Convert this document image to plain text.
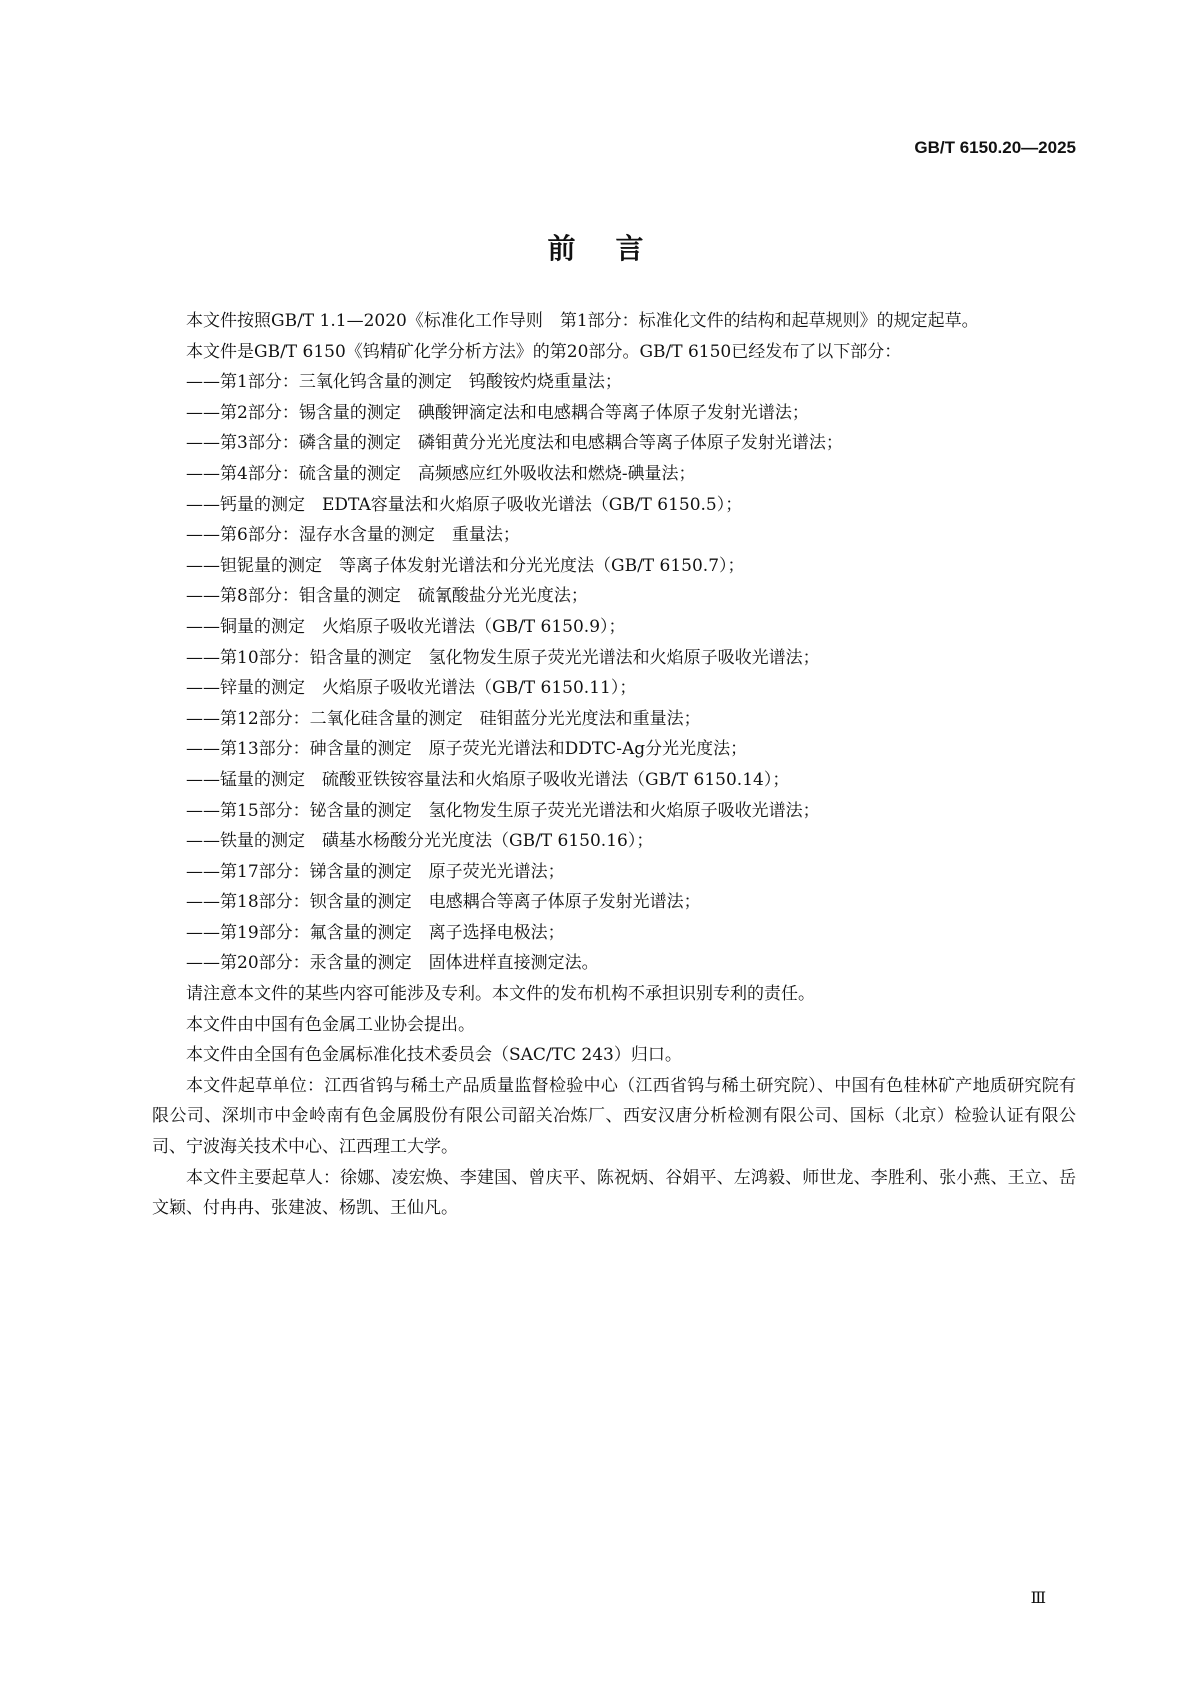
GB/T 6150.20—2025
前言

本文件按照GB/T 1.1—2020《标准化工作导则　第1部分：标准化文件的结构和起草规则》的规定起草。

本文件是GB/T 6150《钨精矿化学分析方法》的第20部分。GB/T 6150已经发布了以下部分：

——第1部分：三氧化钨含量的测定　钨酸铵灼烧重量法；
——第2部分：锡含量的测定　碘酸钾滴定法和电感耦合等离子体原子发射光谱法；
——第3部分：磷含量的测定　磷钼黄分光光度法和电感耦合等离子体原子发射光谱法；
——第4部分：硫含量的测定　高频感应红外吸收法和燃烧-碘量法；
——钙量的测定　EDTA容量法和火焰原子吸收光谱法（GB/T 6150.5）；
——第6部分：湿存水含量的测定　重量法；
——钽铌量的测定　等离子体发射光谱法和分光光度法（GB/T 6150.7）；
——第8部分：钼含量的测定　硫氰酸盐分光光度法；
——铜量的测定　火焰原子吸收光谱法（GB/T 6150.9）；
——第10部分：铅含量的测定　氢化物发生原子荧光光谱法和火焰原子吸收光谱法；
——锌量的测定　火焰原子吸收光谱法（GB/T 6150.11）；
——第12部分：二氧化硅含量的测定　硅钼蓝分光光度法和重量法；
——第13部分：砷含量的测定　原子荧光光谱法和DDTC-Ag分光光度法；
——锰量的测定　硫酸亚铁铵容量法和火焰原子吸收光谱法（GB/T 6150.14）；
——第15部分：铋含量的测定　氢化物发生原子荧光光谱法和火焰原子吸收光谱法；
——铁量的测定　磺基水杨酸分光光度法（GB/T 6150.16）；
——第17部分：锑含量的测定　原子荧光光谱法；
——第18部分：钡含量的测定　电感耦合等离子体原子发射光谱法；
——第19部分：氟含量的测定　离子选择电极法；
——第20部分：汞含量的测定　固体进样直接测定法。

请注意本文件的某些内容可能涉及专利。本文件的发布机构不承担识别专利的责任。

本文件由中国有色金属工业协会提出。

本文件由全国有色金属标准化技术委员会（SAC/TC 243）归口。

本文件起草单位：江西省钨与稀土产品质量监督检验中心（江西省钨与稀土研究院）、中国有色桂林矿产地质研究院有限公司、深圳市中金岭南有色金属股份有限公司韶关冶炼厂、西安汉唐分析检测有限公司、国标（北京）检验认证有限公司、宁波海关技术中心、江西理工大学。

本文件主要起草人：徐娜、凌宏焕、李建国、曾庆平、陈祝炳、谷娟平、左鸿毅、师世龙、李胜利、张小燕、王立、岳文颖、付冉冉、张建波、杨凯、王仙凡。

Ⅲ
